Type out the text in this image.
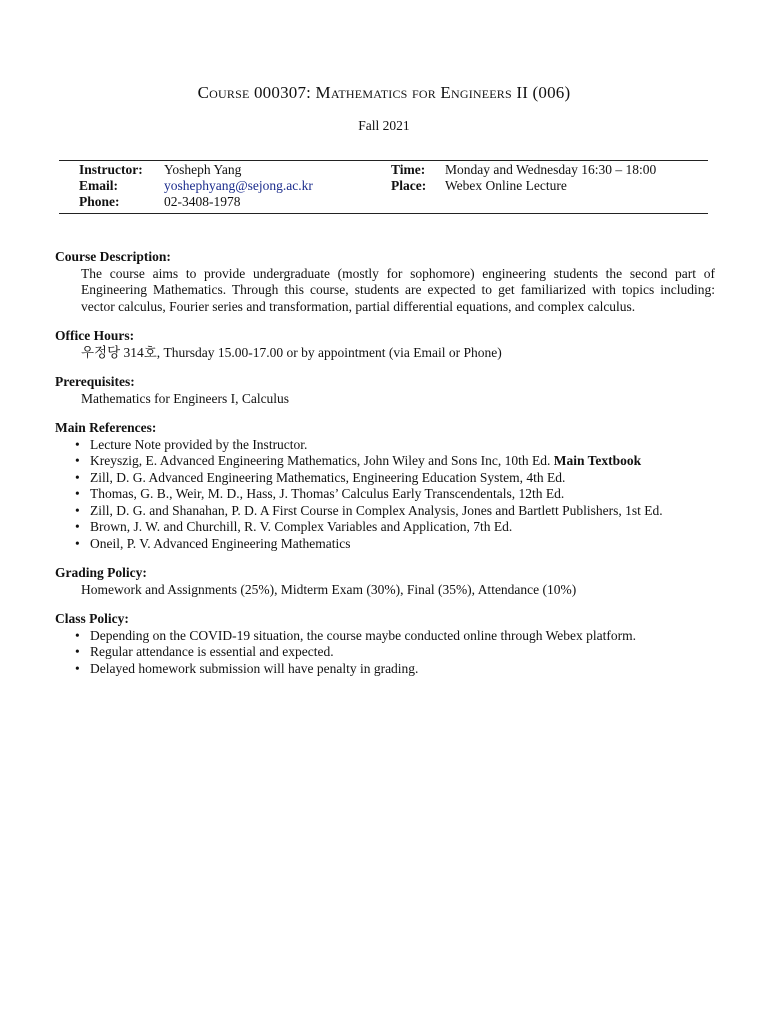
Course 000307: Mathematics for Engineers II (006)
Fall 2021
Instructor: Yosheph Yang
Email:	yoshephyang@sejong.ac.kr
Phone:	02-3408-1978
Time: Monday and Wednesday 16:30 – 18:00
Place: Webex Online Lecture
Course Description:
The course aims to provide undergraduate (mostly for sophomore) engineering students the second part of Engineering Mathematics. Through this course, students are expected to get familiarized with topics including: vector calculus, Fourier series and transformation, partial differential equations, and complex calculus.
Office Hours:
우정당 314호, Thursday 15.00-17.00 or by appointment (via Email or Phone)
Prerequisites:
Mathematics for Engineers I, Calculus
Main References:
• Lecture Note provided by the Instructor.
• Kreyszig, E. Advanced Engineering Mathematics, John Wiley and Sons Inc, 10th Ed. Main Textbook
• Zill, D. G. Advanced Engineering Mathematics, Engineering Education System, 4th Ed.
• Thomas, G. B., Weir, M. D., Hass, J. Thomas’ Calculus Early Transcendentals, 12th Ed.
• Zill, D. G. and Shanahan, P. D. A First Course in Complex Analysis, Jones and Bartlett Publishers, 1st Ed.
• Brown, J. W. and Churchill, R. V. Complex Variables and Application, 7th Ed.
• Oneil, P. V. Advanced Engineering Mathematics
Grading Policy:
Homework and Assignments (25%), Midterm Exam (30%), Final (35%), Attendance (10%)
Class Policy:
• Depending on the COVID-19 situation, the course maybe conducted online through Webex platform.
• Regular attendance is essential and expected.
• Delayed homework submission will have penalty in grading.
